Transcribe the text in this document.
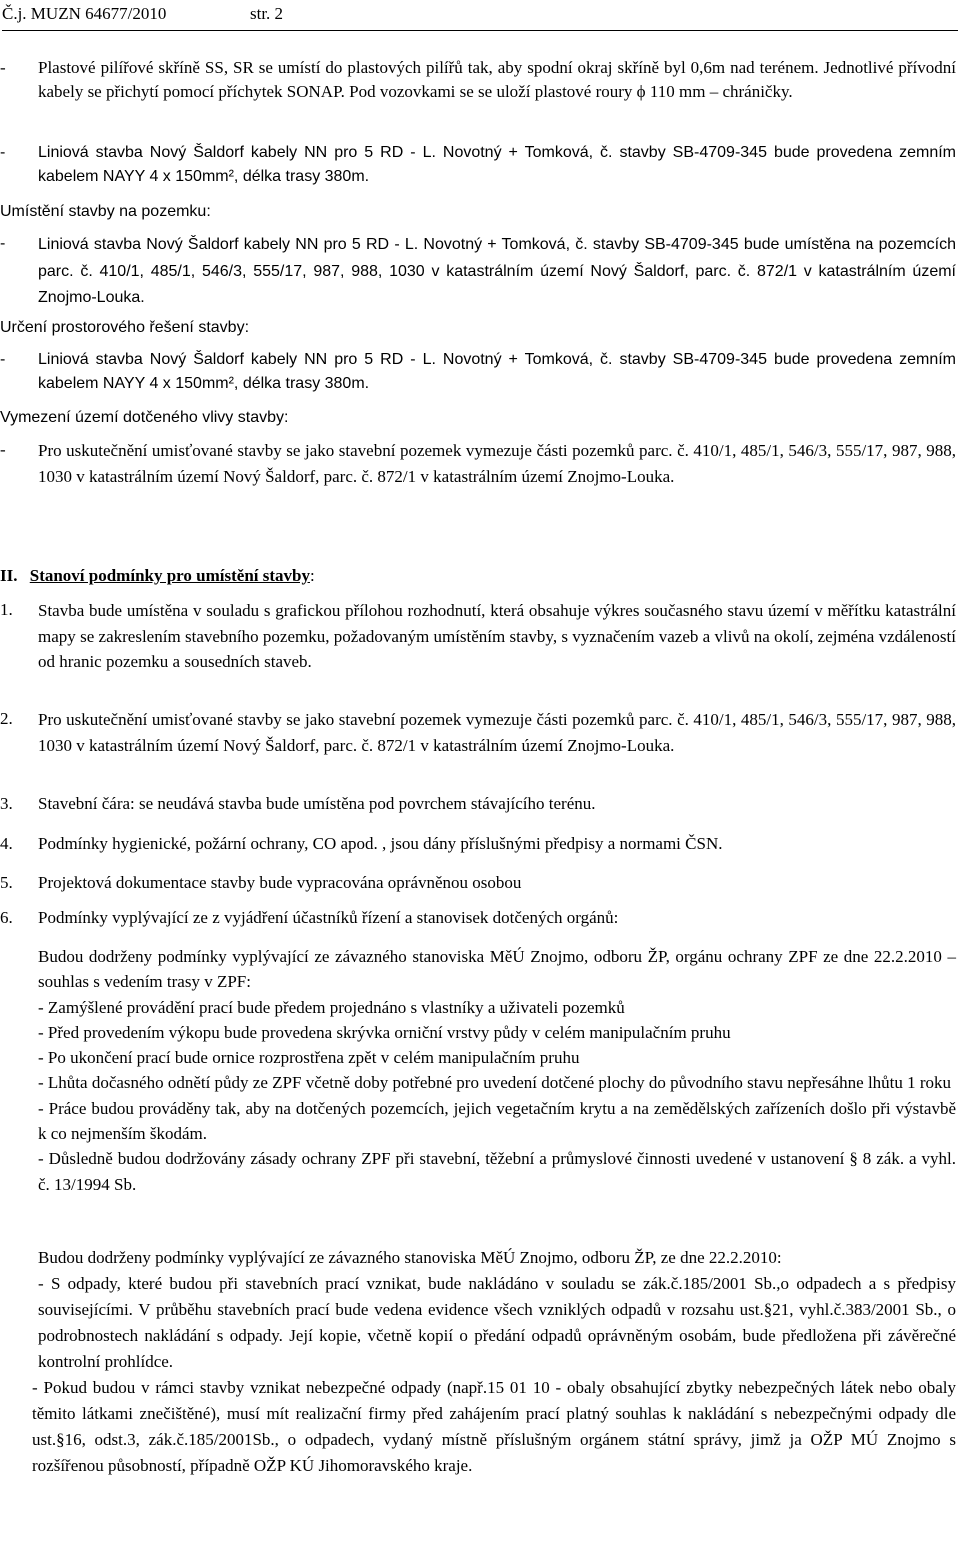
Č.j. MUZN 64677/2010	str. 2
- Plastové pilířové skříně SS, SR se umístí do plastových pilířů tak, aby spodní okraj skříně byl 0,6m nad terénem. Jednotlivé přívodní kabely se přichytí pomocí příchytek SONAP. Pod vozovkami se se uloží plastové roury ϕ 110 mm – chráničky.
- Liniová stavba Nový Šaldorf kabely NN pro 5 RD - L. Novotný + Tomková, č. stavby SB-4709-345 bude provedena zemním kabelem NAYY 4 x 150mm², délka trasy 380m.
Umístění stavby na pozemku:
- Liniová stavba Nový Šaldorf kabely NN pro 5 RD - L. Novotný + Tomková, č. stavby SB-4709-345 bude umístěna na pozemcích parc. č. 410/1, 485/1, 546/3, 555/17, 987, 988, 1030 v katastrálním území Nový Šaldorf, parc. č. 872/1 v katastrálním území Znojmo-Louka.
Určení prostorového řešení stavby:
- Liniová stavba Nový Šaldorf kabely NN pro 5 RD - L. Novotný + Tomková, č. stavby SB-4709-345 bude provedena zemním kabelem NAYY 4 x 150mm², délka trasy 380m.
Vymezení území dotčeného vlivy stavby:
- Pro uskutečnění umisťované stavby se jako stavební pozemek vymezuje části pozemků parc. č. 410/1, 485/1, 546/3, 555/17, 987, 988, 1030 v katastrálním území Nový Šaldorf, parc. č. 872/1 v katastrálním území Znojmo-Louka.
II. Stanoví podmínky pro umístění stavby:
1. Stavba bude umístěna v souladu s grafickou přílohou rozhodnutí, která obsahuje výkres současného stavu území v měřítku katastrální mapy se zakreslením stavebního pozemku, požadovaným umístěním stavby, s vyznačením vazeb a vlivů na okolí, zejména vzdáleností od hranic pozemku a sousedních staveb.
2. Pro uskutečnění umisťované stavby se jako stavební pozemek vymezuje části pozemků parc. č. 410/1, 485/1, 546/3, 555/17, 987, 988, 1030 v katastrálním území Nový Šaldorf, parc. č. 872/1 v katastrálním území Znojmo-Louka.
3. Stavební čára: se neudává stavba bude umístěna pod povrchem stávajícího terénu.
4. Podmínky hygienické, požární ochrany, CO apod. , jsou dány příslušnými předpisy a normami ČSN.
5. Projektová dokumentace stavby bude vypracována oprávněnou osobou
6. Podmínky vyplývající ze z vyjádření účastníků řízení a stanovisek dotčených orgánů:

Budou dodrženy podmínky vyplývající ze závazného stanoviska MěÚ Znojmo, odboru ŽP, orgánu ochrany ZPF ze dne 22.2.2010 – souhlas s vedením trasy v ZPF:

- Zamýšlené provádění prací bude předem projednáno s vlastníky a uživateli pozemků

- Před provedením výkopu bude provedena skrývka orniční vrstvy půdy v celém manipulačním pruhu

- Po ukončení prací bude ornice rozprostřena zpět v celém manipulačním pruhu

- Lhůta dočasného odnětí půdy ze ZPF včetně doby potřebné pro uvedení dotčené plochy do původního stavu nepřesáhne lhůtu 1 roku

- Práce budou prováděny tak, aby na dotčených pozemcích, jejich vegetačním krytu a na zemědělských zařízeních došlo při výstavbě k co nejmenším škodám.

- Důsledně budou dodržovány zásady ochrany ZPF při stavební, těžební a průmyslové činnosti uvedené v ustanovení § 8 zák. a vyhl. č. 13/1994 Sb.

Budou dodrženy podmínky vyplývající ze závazného stanoviska MěÚ Znojmo, odboru ŽP, ze dne 22.2.2010:

- S odpady, které budou při stavebních prací vznikat, bude nakládáno v souladu se zák.č.185/2001 Sb.,o odpadech a s předpisy souvisejícími. V průběhu stavebních prací bude vedena evidence všech vzniklých odpadů v rozsahu ust.§21, vyhl.č.383/2001 Sb., o podrobnostech nakládání s odpady. Její kopie, včetně kopií o předání odpadů oprávněným osobám, bude předložena při závěrečné kontrolní prohlídce.

- Pokud budou v rámci stavby vznikat nebezpečné odpady (např.15 01 10 - obaly obsahující zbytky nebezpečných látek nebo obaly těmito látkami znečištěné), musí mít realizační firmy před zahájením prací platný souhlas k nakládání s nebezpečnými odpady dle ust.§16, odst.3, zák.č.185/2001Sb., o odpadech, vydaný místně příslušným orgánem státní správy, jimž ja OŽP MÚ Znojmo s rozšířenou působností, případně OŽP KÚ Jihomoravského kraje.
